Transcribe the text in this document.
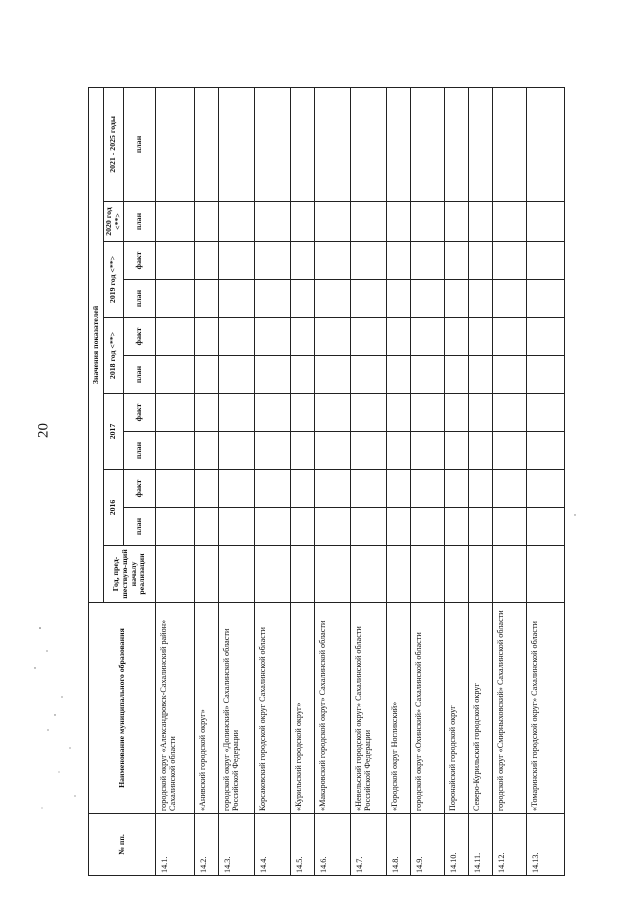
20
№ пп.	Наименование муниципального образования	Значения показателей										
		Год, пред-шествую-щий началу реализации	2016		2017		2018 год <**>		2019 год <**>		2020 год <**>	2021 - 2025 годы
			план	факт	план	факт	план	факт	план	факт	план	план
14.1.	городской округ «Александровск-Сахалинский район» Сахалинской области											
14.2.	«Анивский городской округ»											
14.3.	городской округ «Долинский» Сахалинской области Российской Федерации											
14.4.	Корсаковский городской округ Сахалинской области											
14.5.	«Курильский городской округ»											
14.6.	«Макаровский городской округ» Сахалинской области											
14.7.	«Невельский городской округ» Сахалинской области Российской Федерации											
14.8.	«Городской округ Ногликский»											
14.9.	городской округ «Охинский» Сахалинской области											
14.10.	Поронайский городской округ											
14.11.	Северо-Курильский городской округ											
14.12.	городской округ «Смирныховский» Сахалинской области											
14.13.	«Томаринский городской округ» Сахалинской области											
